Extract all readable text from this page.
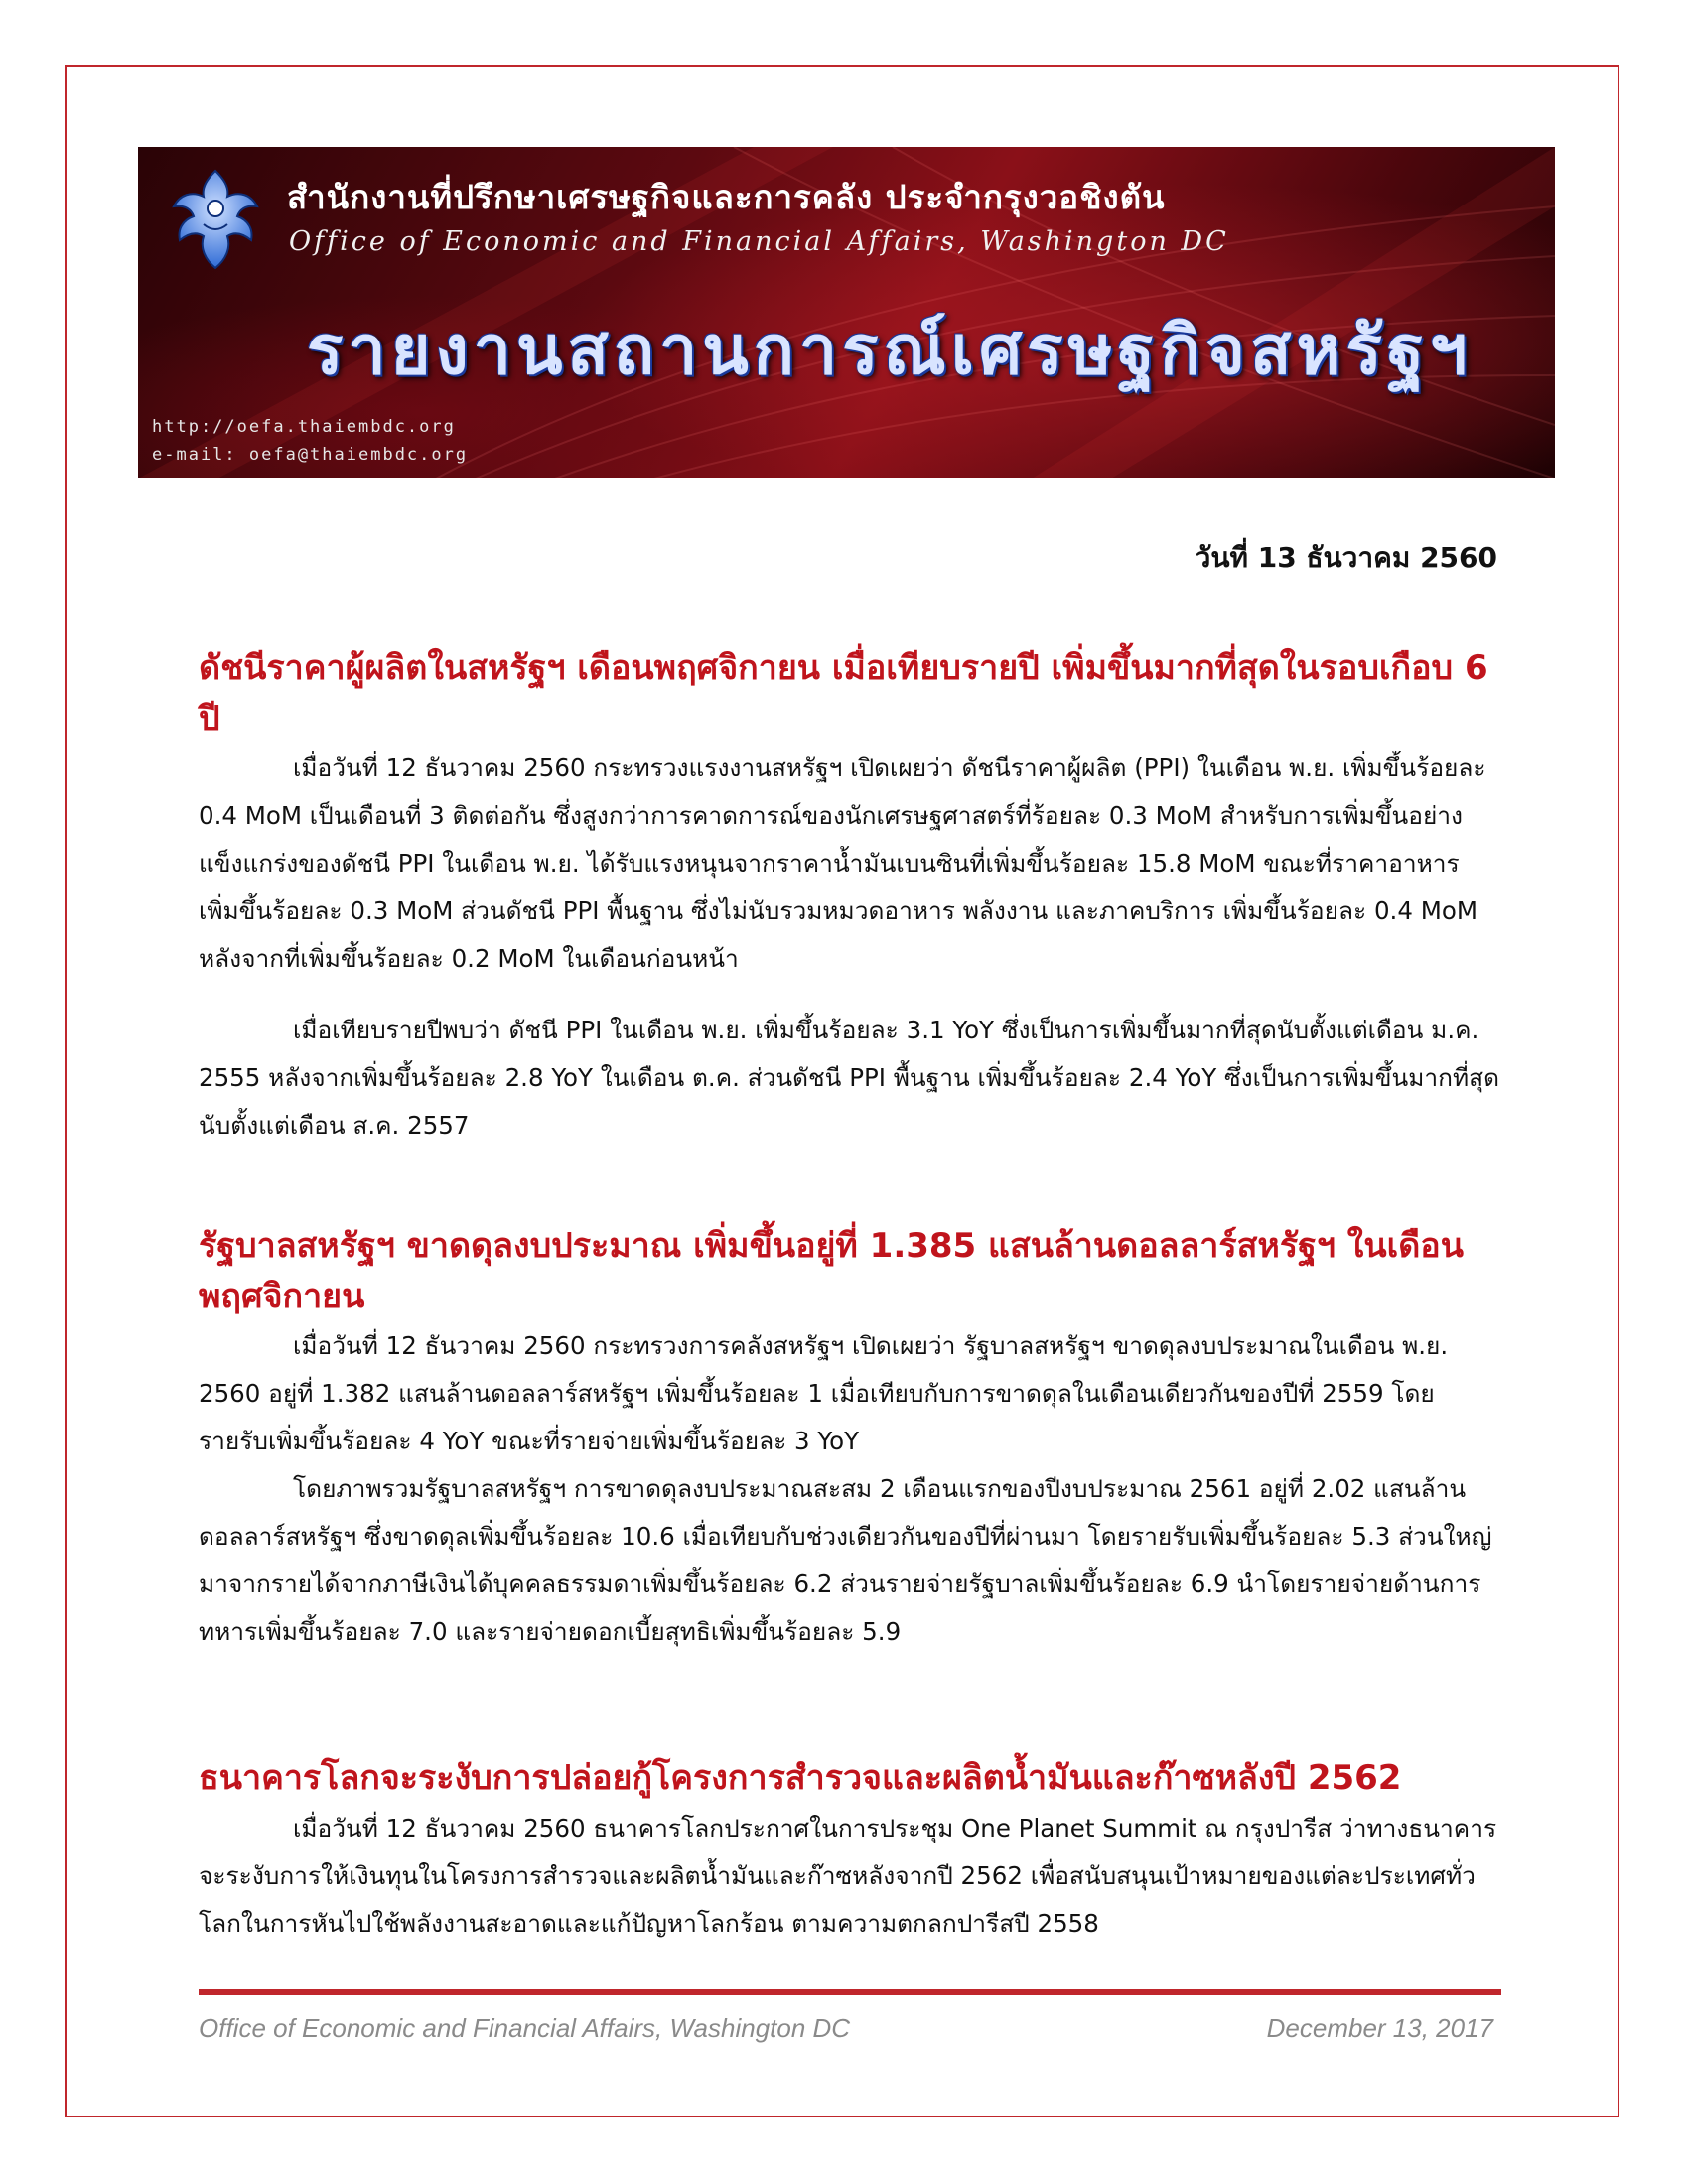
สำนักงานที่ปรึกษาเศรษฐกิจและการคลัง ประจำกรุงวอชิงตัน
Office of Economic and Financial Affairs, Washington DC
รายงานสถานการณ์เศรษฐกิจสหรัฐฯ
http://oefa.thaiembdc.org
e-mail: oefa@thaiembdc.org
วันที่ 13 ธันวาคม 2560
ดัชนีราคาผู้ผลิตในสหรัฐฯ เดือนพฤศจิกายน เมื่อเทียบรายปี เพิ่มขึ้นมากที่สุดในรอบเกือบ 6 ปี

เมื่อวันที่ 12 ธันวาคม 2560 กระทรวงแรงงานสหรัฐฯ เปิดเผยว่า ดัชนีราคาผู้ผลิต (PPI) ในเดือน พ.ย. เพิ่มขึ้นร้อยละ 0.4 MoM เป็นเดือนที่ 3 ติดต่อกัน ซึ่งสูงกว่าการคาดการณ์ของนักเศรษฐศาสตร์ที่ร้อยละ 0.3 MoM สำหรับการเพิ่มขึ้นอย่างแข็งแกร่งของดัชนี PPI ในเดือน พ.ย. ได้รับแรงหนุนจากราคาน้ำมันเบนซินที่เพิ่มขึ้นร้อยละ 15.8 MoM ขณะที่ราคาอาหารเพิ่มขึ้นร้อยละ 0.3 MoM ส่วนดัชนี PPI พื้นฐาน ซึ่งไม่นับรวมหมวดอาหาร พลังงาน และภาคบริการ เพิ่มขึ้นร้อยละ 0.4 MoM หลังจากที่เพิ่มขึ้นร้อยละ 0.2 MoM ในเดือนก่อนหน้า

เมื่อเทียบรายปีพบว่า ดัชนี PPI ในเดือน พ.ย. เพิ่มขึ้นร้อยละ 3.1 YoY ซึ่งเป็นการเพิ่มขึ้นมากที่สุดนับตั้งแต่เดือน ม.ค. 2555 หลังจากเพิ่มขึ้นร้อยละ 2.8 YoY ในเดือน ต.ค. ส่วนดัชนี PPI พื้นฐาน เพิ่มขึ้นร้อยละ 2.4 YoY ซึ่งเป็นการเพิ่มขึ้นมากที่สุดนับตั้งแต่เดือน ส.ค. 2557

รัฐบาลสหรัฐฯ ขาดดุลงบประมาณ เพิ่มขึ้นอยู่ที่ 1.385 แสนล้านดอลลาร์สหรัฐฯ ในเดือนพฤศจิกายน

เมื่อวันที่ 12 ธันวาคม 2560 กระทรวงการคลังสหรัฐฯ เปิดเผยว่า รัฐบาลสหรัฐฯ ขาดดุลงบประมาณในเดือน พ.ย. 2560 อยู่ที่ 1.382 แสนล้านดอลลาร์สหรัฐฯ เพิ่มขึ้นร้อยละ 1 เมื่อเทียบกับการขาดดุลในเดือนเดียวกันของปีที่ 2559 โดยรายรับเพิ่มขึ้นร้อยละ 4 YoY ขณะที่รายจ่ายเพิ่มขึ้นร้อยละ 3 YoY

โดยภาพรวมรัฐบาลสหรัฐฯ การขาดดุลงบประมาณสะสม 2 เดือนแรกของปีงบประมาณ 2561 อยู่ที่ 2.02 แสนล้านดอลลาร์สหรัฐฯ ซึ่งขาดดุลเพิ่มขึ้นร้อยละ 10.6 เมื่อเทียบกับช่วงเดียวกันของปีที่ผ่านมา โดยรายรับเพิ่มขึ้นร้อยละ 5.3 ส่วนใหญ่มาจากรายได้จากภาษีเงินได้บุคคลธรรมดาเพิ่มขึ้นร้อยละ 6.2 ส่วนรายจ่ายรัฐบาลเพิ่มขึ้นร้อยละ 6.9 นำโดยรายจ่ายด้านการทหารเพิ่มขึ้นร้อยละ 7.0 และรายจ่ายดอกเบี้ยสุทธิเพิ่มขึ้นร้อยละ 5.9

ธนาคารโลกจะระงับการปล่อยกู้โครงการสำรวจและผลิตน้ำมันและก๊าซหลังปี 2562

เมื่อวันที่ 12 ธันวาคม 2560 ธนาคารโลกประกาศในการประชุม One Planet Summit ณ กรุงปารีส ว่าทางธนาคารจะระงับการให้เงินทุนในโครงการสำรวจและผลิตน้ำมันและก๊าซหลังจากปี 2562 เพื่อสนับสนุนเป้าหมายของแต่ละประเทศทั่วโลกในการหันไปใช้พลังงานสะอาดและแก้ปัญหาโลกร้อน ตามความตกลกปารีสปี 2558

Office of Economic and Financial Affairs, Washington DC	December 13, 2017
